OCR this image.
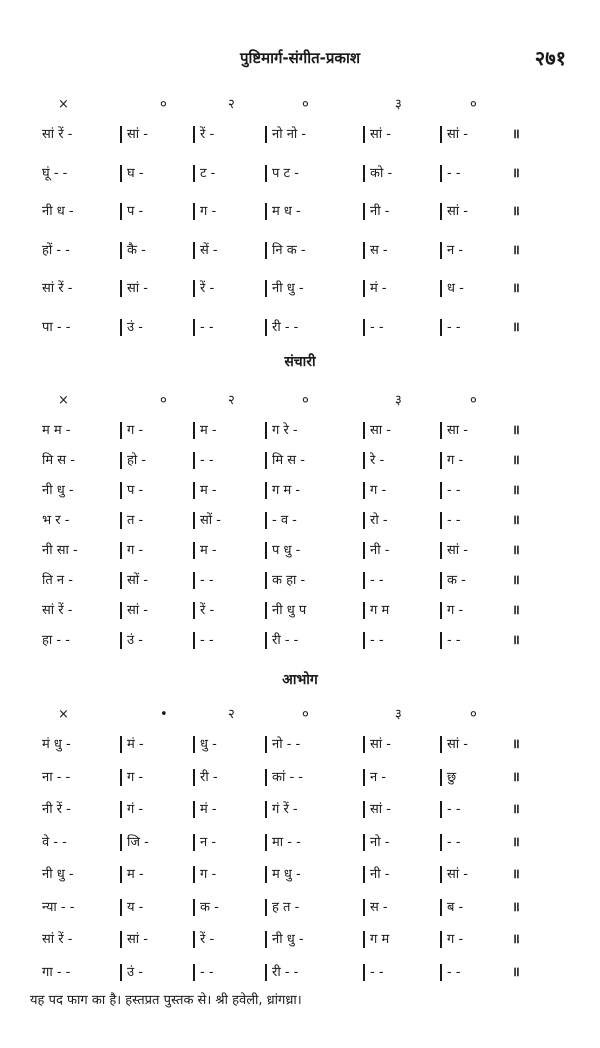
पुष्टिमार्ग-संगीत-प्रकाश	२७१
×	०	२	०	३	०
सां रें -	सां -	रें -	नो नो -	सां -	सां -	॥
घूं - -	घ -	ट -	प ट -	को -	- -	॥
नी ध -	प -	ग -	म ध -	नी -	सां -	॥
हों - -	कै -	सें -	नि क -	स -	न -	॥
सां रें -	सां -	रें -	नी धु -	मं -	ध -	॥
पा - -	उं -	- -	री - -	- -	- -	॥
संचारी
×	०	२	०	३	०
म म -	ग -	म -	ग रे -	सा -	सा -	॥
मि स -	हो -	- -	मि स -	रे -	ग -	॥
नी धु -	प -	म -	ग म -	ग -	- -	॥
भ र -	त -	सों -	- व -	रो -	- -	॥
नी सा -	ग -	म -	प धु -	नी -	सां -	॥
ति न -	सों -	- -	क हा -	- -	क -	॥
सां रें -	सां -	रें -	नी धु प	ग म	ग -	॥
हा - -	उं -	- -	री - -	- -	- -	॥
आभोग
×	•	२	०	३	०
मं धु -	मं -	धु -	नो - -	सां -	सां -	॥
ना - -	ग -	री -	कां - -	न -	छु	॥
नी रें -	गं -	मं -	गं रें -	सां -	- -	॥
वे - -	जि -	न -	मा - -	नो -	- -	॥
नी धु -	म -	ग -	म धु -	नी -	सां -	॥
न्या - -	य -	क -	ह त -	स -	ब -	॥
सां रें -	सां -	रें -	नी धु -	ग म	ग -	॥
गा - -	उं -	- -	री - -	- -	- -	॥
यह पद फाग का है। हस्तप्रत पुस्तक से। श्री हवेली, ध्रांगध्रा।
